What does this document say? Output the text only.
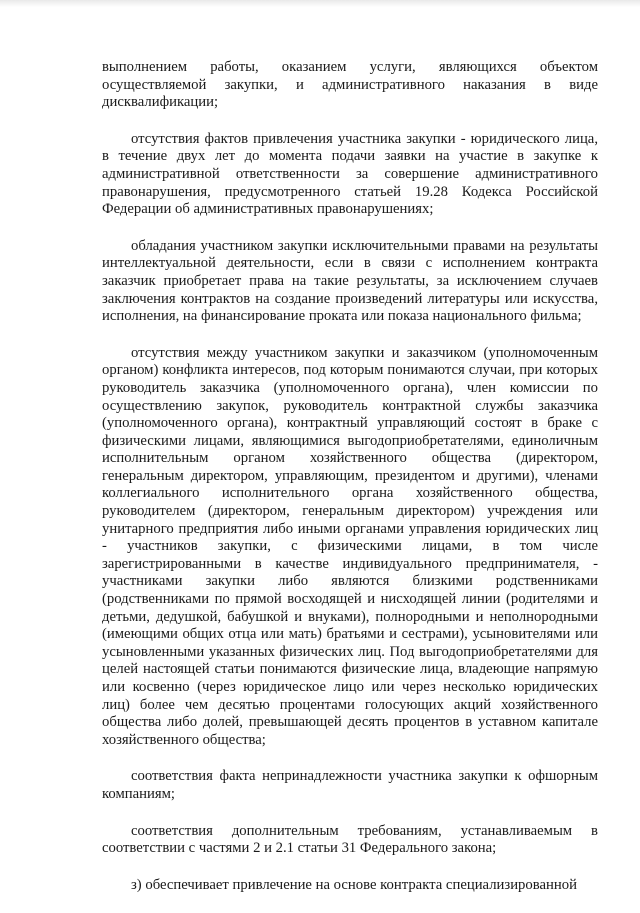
выполнением работы, оказанием услуги, являющихся объектом осуществляемой закупки, и административного наказания в виде дисквалификации;

отсутствия фактов привлечения участника закупки - юридического лица, в течение двух лет до момента подачи заявки на участие в закупке к административной ответственности за совершение административного правонарушения, предусмотренного статьей 19.28 Кодекса Российской Федерации об административных правонарушениях;

обладания участником закупки исключительными правами на результаты интеллектуальной деятельности, если в связи с исполнением контракта заказчик приобретает права на такие результаты, за исключением случаев заключения контрактов на создание произведений литературы или искусства, исполнения, на финансирование проката или показа национального фильма;

отсутствия между участником закупки и заказчиком (уполномоченным органом) конфликта интересов, под которым понимаются случаи, при которых руководитель заказчика (уполномоченного органа), член комиссии по осуществлению закупок, руководитель контрактной службы заказчика (уполномоченного органа), контрактный управляющий состоят в браке с физическими лицами, являющимися выгодоприобретателями, единоличным исполнительным органом хозяйственного общества (директором, генеральным директором, управляющим, президентом и другими), членами коллегиального исполнительного органа хозяйственного общества, руководителем (директором, генеральным директором) учреждения или унитарного предприятия либо иными органами управления юридических лиц - участников закупки, с физическими лицами, в том числе зарегистрированными в качестве индивидуального предпринимателя, - участниками закупки либо являются близкими родственниками (родственниками по прямой восходящей и нисходящей линии (родителями и детьми, дедушкой, бабушкой и внуками), полнородными и неполнородными (имеющими общих отца или мать) братьями и сестрами), усыновителями или усыновленными указанных физических лиц. Под выгодоприобретателями для целей настоящей статьи понимаются физические лица, владеющие напрямую или косвенно (через юридическое лицо или через несколько юридических лиц) более чем десятью процентами голосующих акций хозяйственного общества либо долей, превышающей десять процентов в уставном капитале хозяйственного общества;

соответствия факта непринадлежности участника закупки к офшорным компаниям;

соответствия дополнительным требованиям, устанавливаемым в соответствии с частями 2 и 2.1 статьи 31 Федерального закона;

з) обеспечивает привлечение на основе контракта специализированной
